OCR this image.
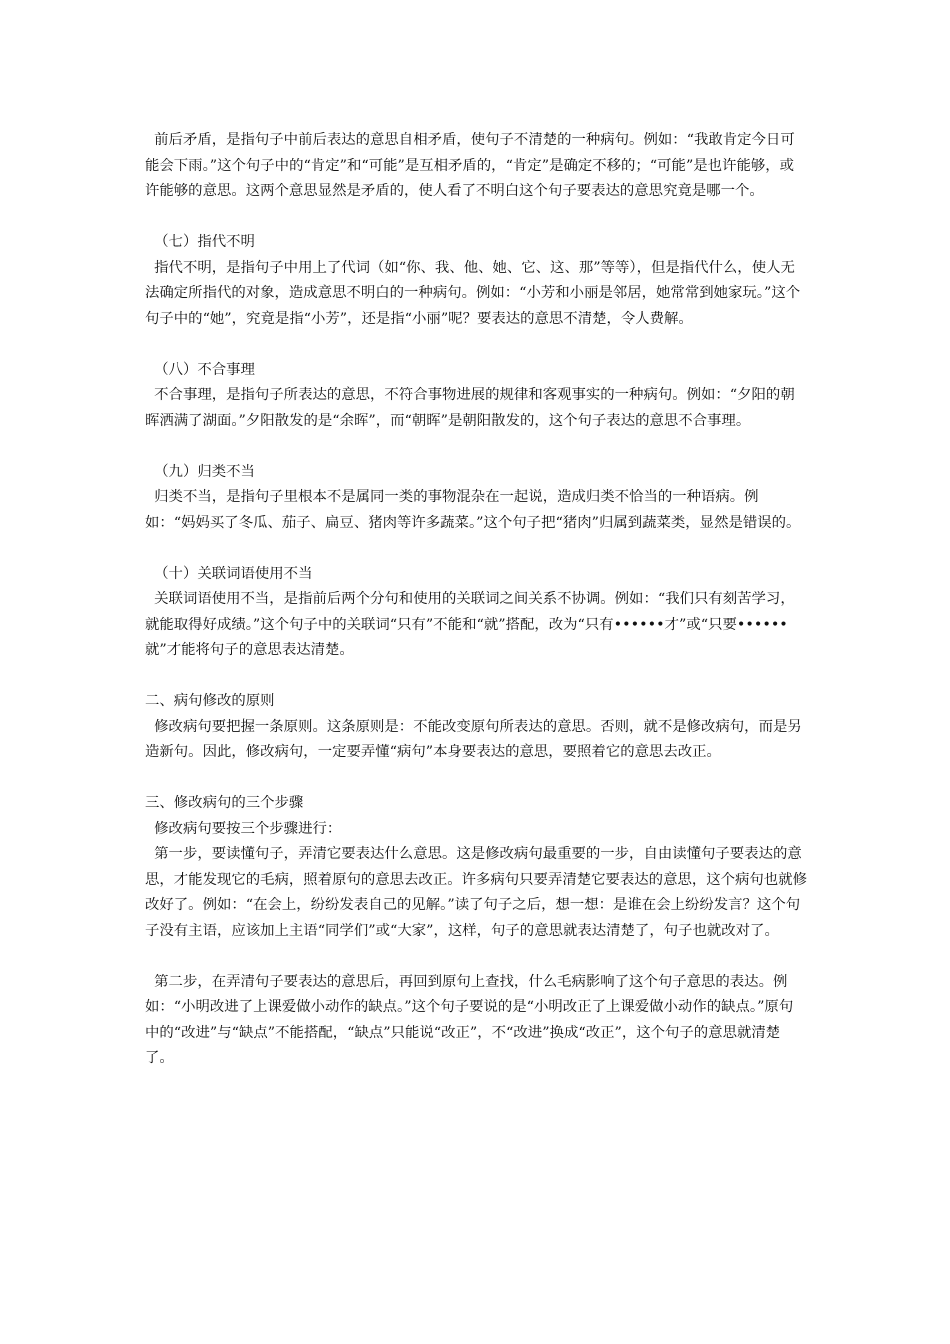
前后矛盾，是指句子中前后表达的意思自相矛盾，使句子不清楚的一种病句。例如：“我敢肯定今日可能会下雨。”这个句子中的“肯定”和“可能”是互相矛盾的，“肯定”是确定不移的；“可能”是也许能够，或许能够的意思。这两个意思显然是矛盾的，使人看了不明白这个句子要表达的意思究竟是哪一个。

（七）指代不明

指代不明，是指句子中用上了代词（如“你、我、他、她、它、这、那”等等），但是指代什么，使人无法确定所指代的对象，造成意思不明白的一种病句。例如：“小芳和小丽是邻居，她常常到她家玩。”这个句子中的“她”，究竟是指“小芳”，还是指“小丽”呢？要表达的意思不清楚，令人费解。

（八）不合事理

不合事理，是指句子所表达的意思，不符合事物进展的规律和客观事实的一种病句。例如：“夕阳的朝晖洒满了湖面。”夕阳散发的是“余晖”，而“朝晖”是朝阳散发的，这个句子表达的意思不合事理。

（九）归类不当

归类不当，是指句子里根本不是属同一类的事物混杂在一起说，造成归类不恰当的一种语病。例如：“妈妈买了冬瓜、茄子、扁豆、猪肉等许多蔬菜。”这个句子把“猪肉”归属到蔬菜类，显然是错误的。

（十）关联词语使用不当

关联词语使用不当，是指前后两个分句和使用的关联词之间关系不协调。例如：“我们只有刻苦学习，就能取得好成绩。”这个句子中的关联词“只有”不能和“就”搭配，改为“只有••••••才”或“只要••••••就”才能将句子的意思表达清楚。

二、病句修改的原则

修改病句要把握一条原则。这条原则是：不能改变原句所表达的意思。否则，就不是修改病句，而是另造新句。因此，修改病句，一定要弄懂“病句”本身要表达的意思，要照着它的意思去改正。

三、修改病句的三个步骤

修改病句要按三个步骤进行：

第一步，要读懂句子，弄清它要表达什么意思。这是修改病句最重要的一步，自由读懂句子要表达的意思，才能发现它的毛病，照着原句的意思去改正。许多病句只要弄清楚它要表达的意思，这个病句也就修改好了。例如：“在会上，纷纷发表自己的见解。”读了句子之后，想一想：是谁在会上纷纷发言？这个句子没有主语，应该加上主语“同学们”或“大家”，这样，句子的意思就表达清楚了，句子也就改对了。

第二步，在弄清句子要表达的意思后，再回到原句上查找，什么毛病影响了这个句子意思的表达。例如：“小明改进了上课爱做小动作的缺点。”这个句子要说的是“小明改正了上课爱做小动作的缺点。”原句中的“改进”与“缺点”不能搭配，“缺点”只能说“改正”，不“改进”换成“改正”，这个句子的意思就清楚了。
